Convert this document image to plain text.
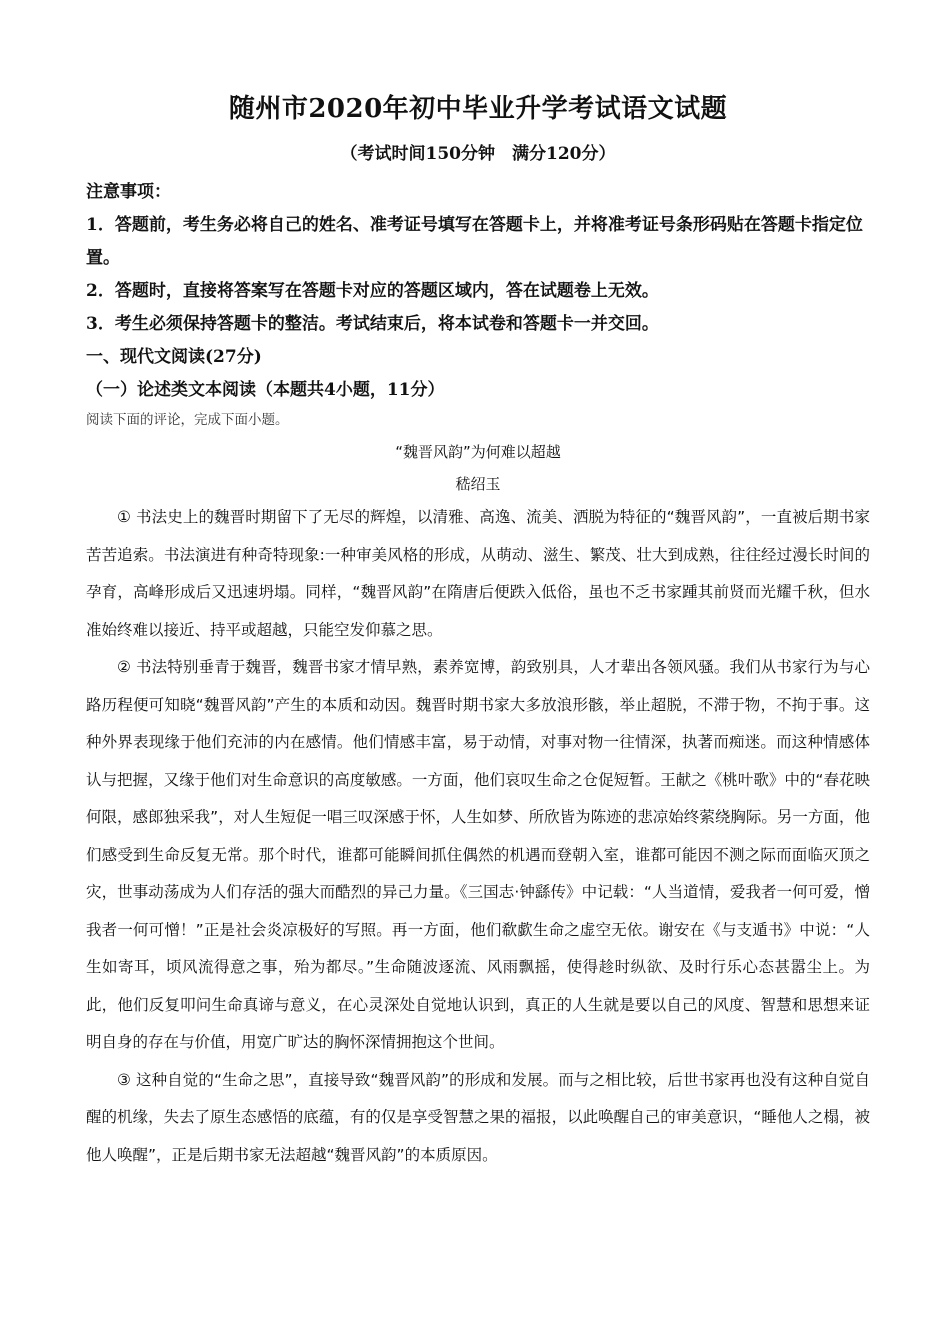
随州市2020年初中毕业升学考试语文试题
（考试时间150分钟　满分120分）
注意事项：
1．答题前，考生务必将自己的姓名、准考证号填写在答题卡上，并将准考证号条形码贴在答题卡指定位置。
2．答题时，直接将答案写在答题卡对应的答题区域内，答在试题卷上无效。
3．考生必须保持答题卡的整洁。考试结束后，将本试卷和答题卡一并交回。
一、现代文阅读(27分)
（一）论述类文本阅读（本题共4小题，11分）
阅读下面的评论，完成下面小题。
“魏晋风韵”为何难以超越
嵇绍玉

① 书法史上的魏晋时期留下了无尽的辉煌，以清雅、高逸、流美、洒脱为特征的“魏晋风韵”，一直被后期书家苦苦追索。书法演进有种奇特现象:一种审美风格的形成，从萌动、滋生、繁茂、壮大到成熟，往往经过漫长时间的孕育，高峰形成后又迅速坍塌。同样，“魏晋风韵”在隋唐后便跌入低俗，虽也不乏书家踵其前贤而光耀千秋，但水准始终难以接近、持平或超越，只能空发仰慕之思。

② 书法特别垂青于魏晋，魏晋书家才情早熟，素养宽博，韵致别具，人才辈出各领风骚。我们从书家行为与心路历程便可知晓“魏晋风韵”产生的本质和动因。魏晋时期书家大多放浪形骸，举止超脱，不滞于物，不拘于事。这种外界表现缘于他们充沛的内在感情。他们情感丰富，易于动情，对事对物一往情深，执著而痴迷。而这种情感体认与把握，又缘于他们对生命意识的高度敏感。一方面，他们哀叹生命之仓促短暂。王献之《桃叶歌》中的“春花映何限，感郎独采我”，对人生短促一唱三叹深感于怀，人生如梦、所欣皆为陈迹的悲凉始终萦绕胸际。另一方面，他们感受到生命反复无常。那个时代，谁都可能瞬间抓住偶然的机遇而登朝入室，谁都可能因不测之际而面临灭顶之灾，世事动荡成为人们存活的强大而酷烈的异己力量。《三国志·钟繇传》中记载：“人当道情，爱我者一何可爱，憎我者一何可憎！”正是社会炎凉极好的写照。再一方面，他们欷歔生命之虚空无依。谢安在《与支遁书》中说：“人生如寄耳，顷风流得意之事，殆为都尽。”生命随波逐流、风雨飘摇，使得趁时纵欲、及时行乐心态甚嚣尘上。为此，他们反复叩问生命真谛与意义，在心灵深处自觉地认识到，真正的人生就是要以自己的风度、智慧和思想来证明自身的存在与价值，用宽广旷达的胸怀深情拥抱这个世间。

③ 这种自觉的“生命之思”，直接导致“魏晋风韵”的形成和发展。而与之相比较，后世书家再也没有这种自觉自醒的机缘，失去了原生态感悟的底蕴，有的仅是享受智慧之果的福报，以此唤醒自己的审美意识，“睡他人之榻，被他人唤醒”，正是后期书家无法超越“魏晋风韵”的本质原因。
